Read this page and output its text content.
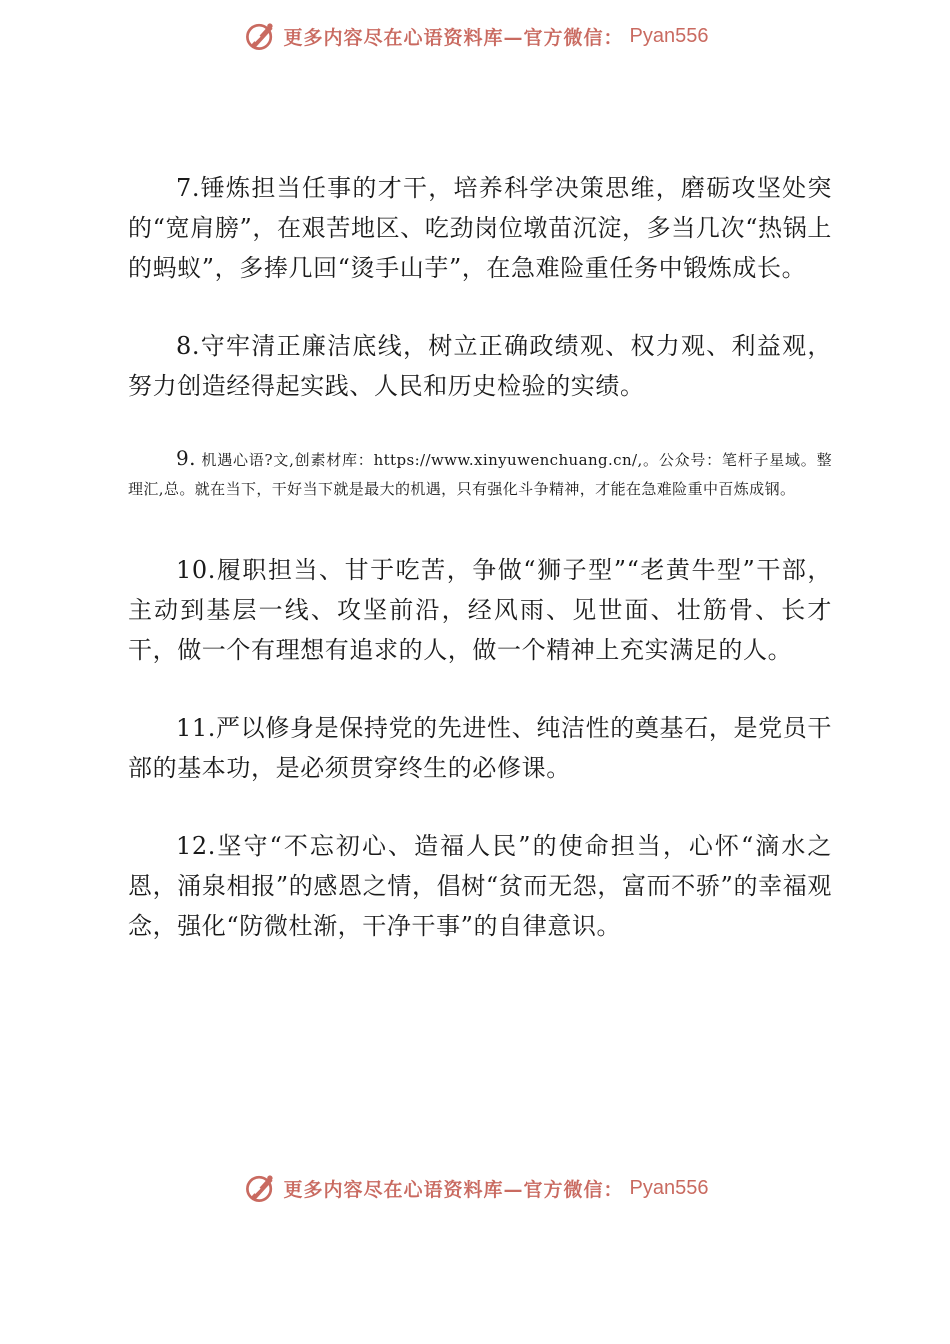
更多内容尽在心语资料库—官方微信： Pyan556

7.锤炼担当任事的才干，培养科学决策思维，磨砺攻坚处突的“宽肩膀”，在艰苦地区、吃劲岗位墩苗沉淀，多当几次“热锅上的蚂蚁”，多捧几回“烫手山芋”，在急难险重任务中锻炼成长。

8.守牢清正廉洁底线，树立正确政绩观、权力观、利益观，努力创造经得起实践、人民和历史检验的实绩。

9. 机遇心语?文,创素材库：https://www.xinyuwenchuang.cn/,。公众号：笔杆子星域。整理汇,总。就在当下，干好当下就是最大的机遇，只有强化斗争精神，才能在急难险重中百炼成钢。

10.履职担当、甘于吃苦，争做“狮子型”“老黄牛型”干部，主动到基层一线、攻坚前沿，经风雨、见世面、壮筋骨、长才干，做一个有理想有追求的人，做一个精神上充实满足的人。

11.严以修身是保持党的先进性、纯洁性的奠基石，是党员干部的基本功，是必须贯穿终生的必修课。

12.坚守“不忘初心、造福人民”的使命担当，心怀“滴水之恩，涌泉相报”的感恩之情，倡树“贫而无怨，富而不骄”的幸福观念，强化“防微杜渐，干净干事”的自律意识。

更多内容尽在心语资料库—官方微信： Pyan556
